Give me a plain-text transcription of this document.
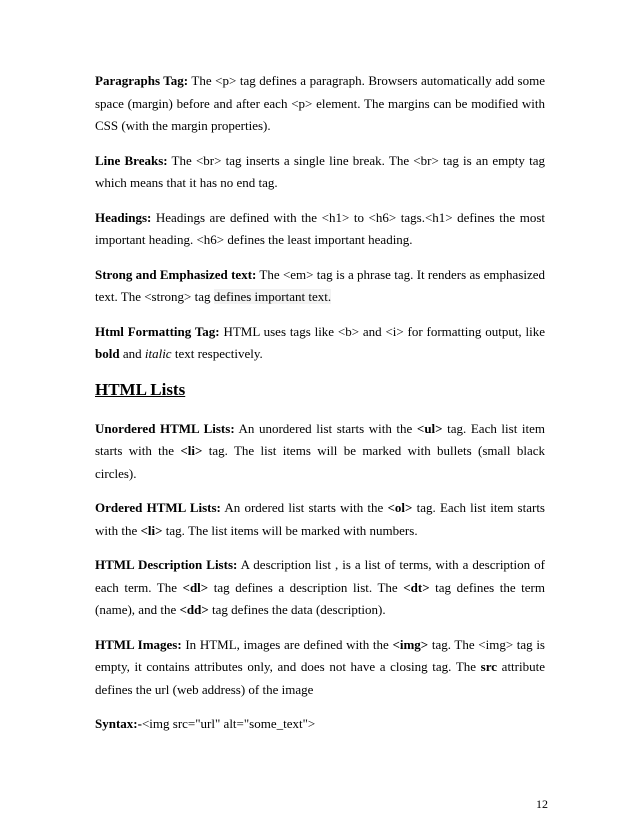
Paragraphs Tag: The <p> tag defines a paragraph. Browsers automatically add some space (margin) before and after each <p> element. The margins can be modified with CSS (with the margin properties).

Line Breaks: The <br> tag inserts a single line break. The <br> tag is an empty tag which means that it has no end tag.

Headings: Headings are defined with the <h1> to <h6> tags.<h1> defines the most important heading. <h6> defines the least important heading.

Strong and Emphasized text: The <em> tag is a phrase tag. It renders as emphasized text. The <strong> tag defines important text.

Html Formatting Tag: HTML uses tags like <b> and <i> for formatting output, like bold and italic text respectively.

HTML Lists

Unordered HTML Lists: An unordered list starts with the <ul> tag. Each list item starts with the <li> tag. The list items will be marked with bullets (small black circles).

Ordered HTML Lists: An ordered list starts with the <ol> tag. Each list item starts with the <li> tag. The list items will be marked with numbers.

HTML Description Lists: A description list , is a list of terms, with a description of each term. The <dl> tag defines a description list. The <dt> tag defines the term (name), and the <dd> tag defines the data (description).

HTML Images: In HTML, images are defined with the <img> tag. The <img> tag is empty, it contains attributes only, and does not have a closing tag. The src attribute defines the url (web address) of the image

Syntax:-<img src="url" alt="some_text">

12
